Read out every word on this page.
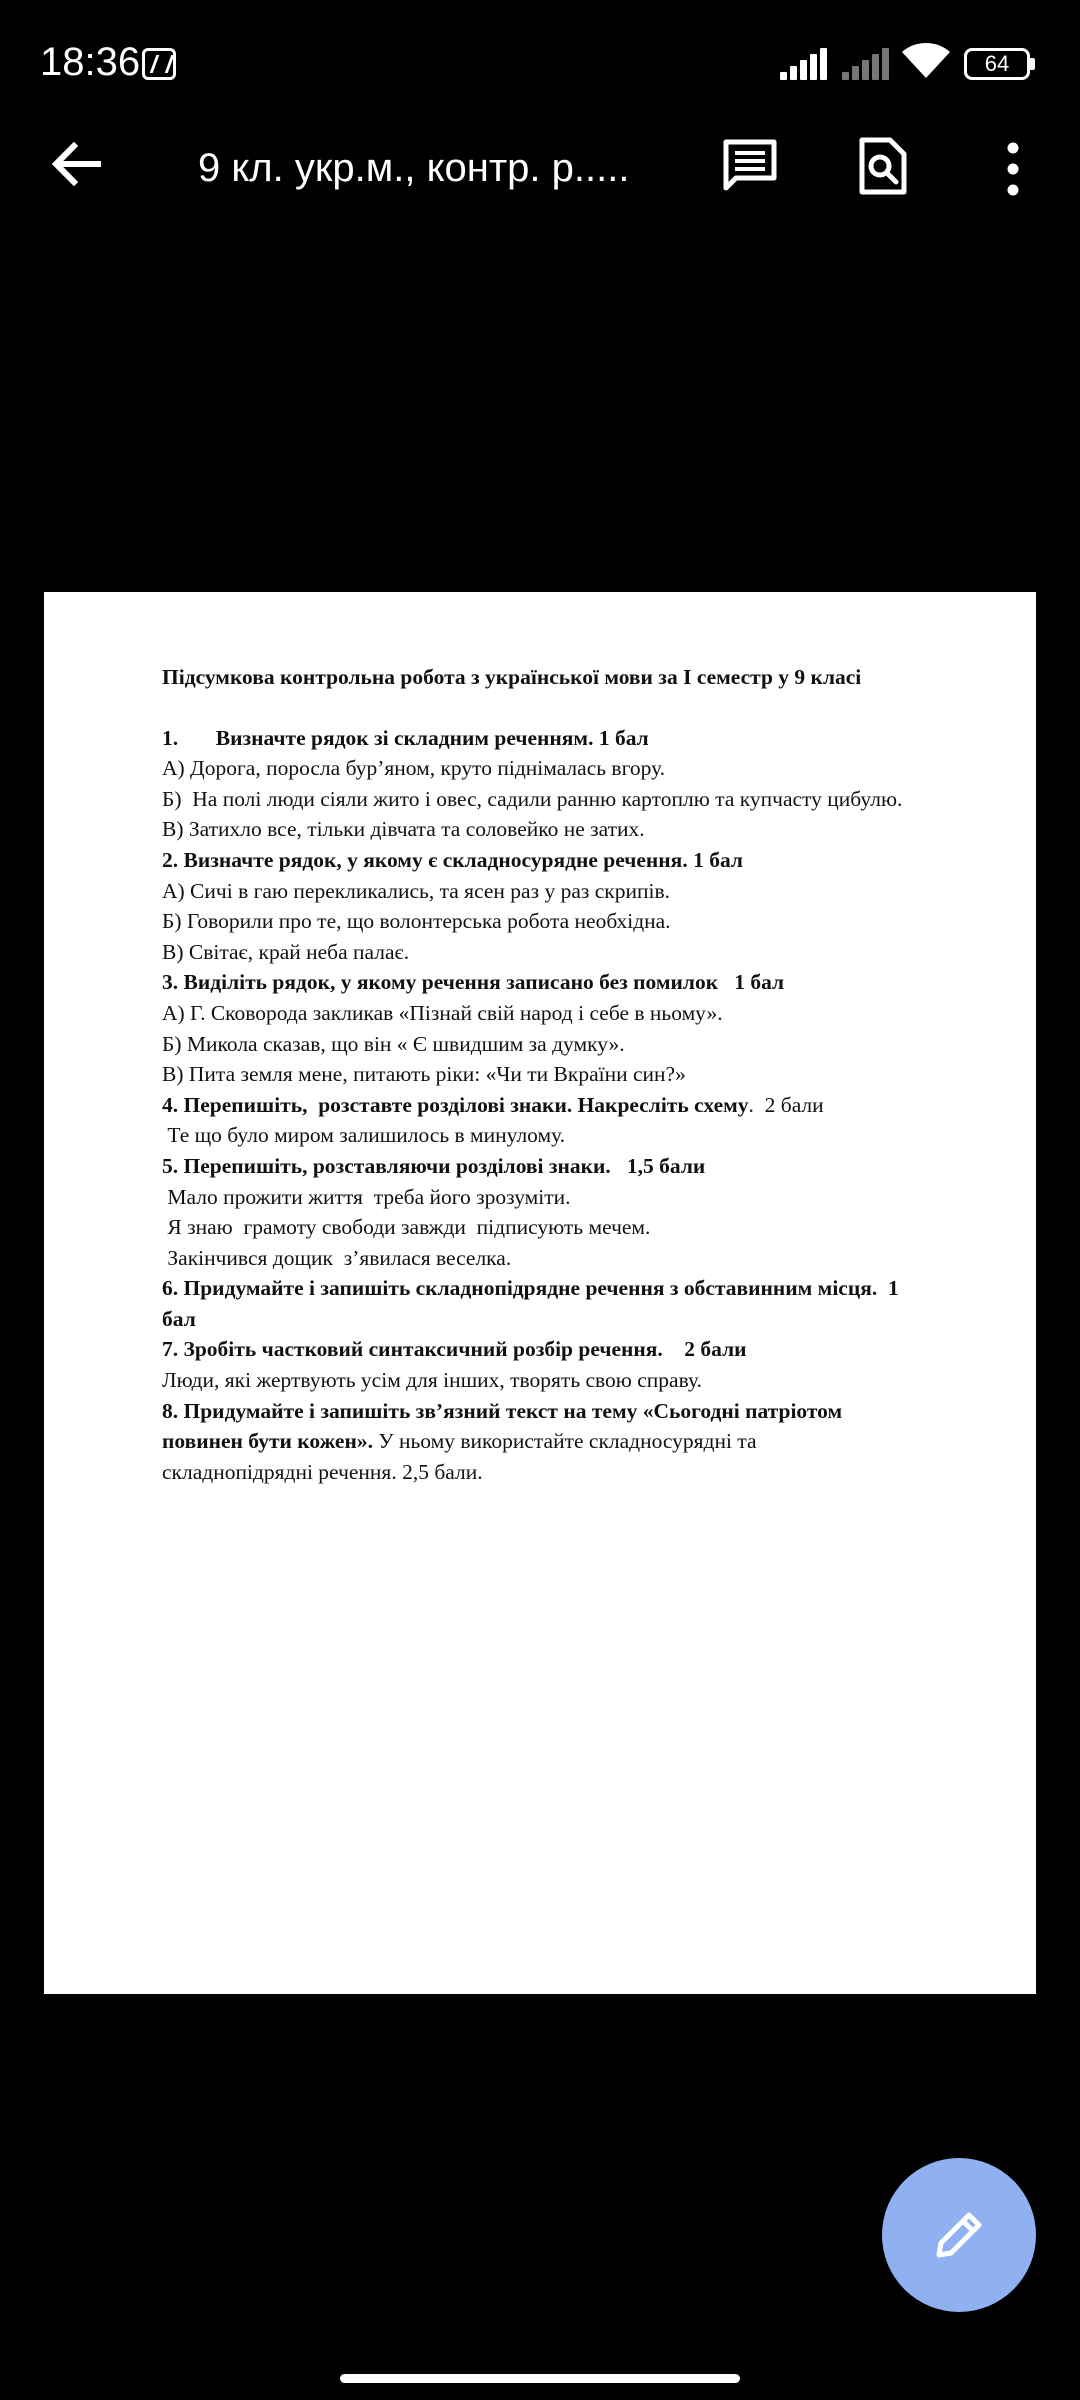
18:36	64
9 кл. укр.м., контр. р.....

Підсумкова контрольна робота з української мови за І семестр у 9 класі

1.       Визначте рядок зі складним реченням. 1 бал

А) Дорога, поросла бур’яном, круто піднімалась вгору.

Б)  На полі люди сіяли жито і овес, садили ранню картоплю та купчасту цибулю.

В) Затихло все, тільки дівчата та соловейко не затих.

2. Визначте рядок, у якому є складносурядне речення. 1 бал

А) Сичі в гаю перекликались, та ясен раз у раз скрипів.

Б) Говорили про те, що волонтерська робота необхідна.

В) Світає, край неба палає.

3. Виділіть рядок, у якому речення записано без помилок   1 бал

А) Г. Сковорода закликав «Пізнай свій народ і себе в ньому».

Б) Микола сказав, що він « Є швидшим за думку».

В) Пита земля мене, питають ріки: «Чи ти Вкраїни син?»

4. Перепишіть,  розставте розділові знаки. Накресліть схему.  2 бали

Те що було миром залишилось в минулому.

5. Перепишіть, розставляючи розділові знаки.   1,5 бали

Мало прожити життя  треба його зрозуміти.

Я знаю  грамоту свободи завжди  підписують мечем.

Закінчився дощик  з’явилася веселка.

6. Придумайте і запишіть складнопідрядне речення з обставинним місця.  1

бал

7. Зробіть частковий синтаксичний розбір речення.    2 бали

Люди, які жертвують усім для інших, творять свою справу.

8. Придумайте і запишіть зв’язний текст на тему «Сьогодні патріотом

повинен бути кожен». У ньому використайте складносурядні та

складнопідрядні речення. 2,5 бали.
